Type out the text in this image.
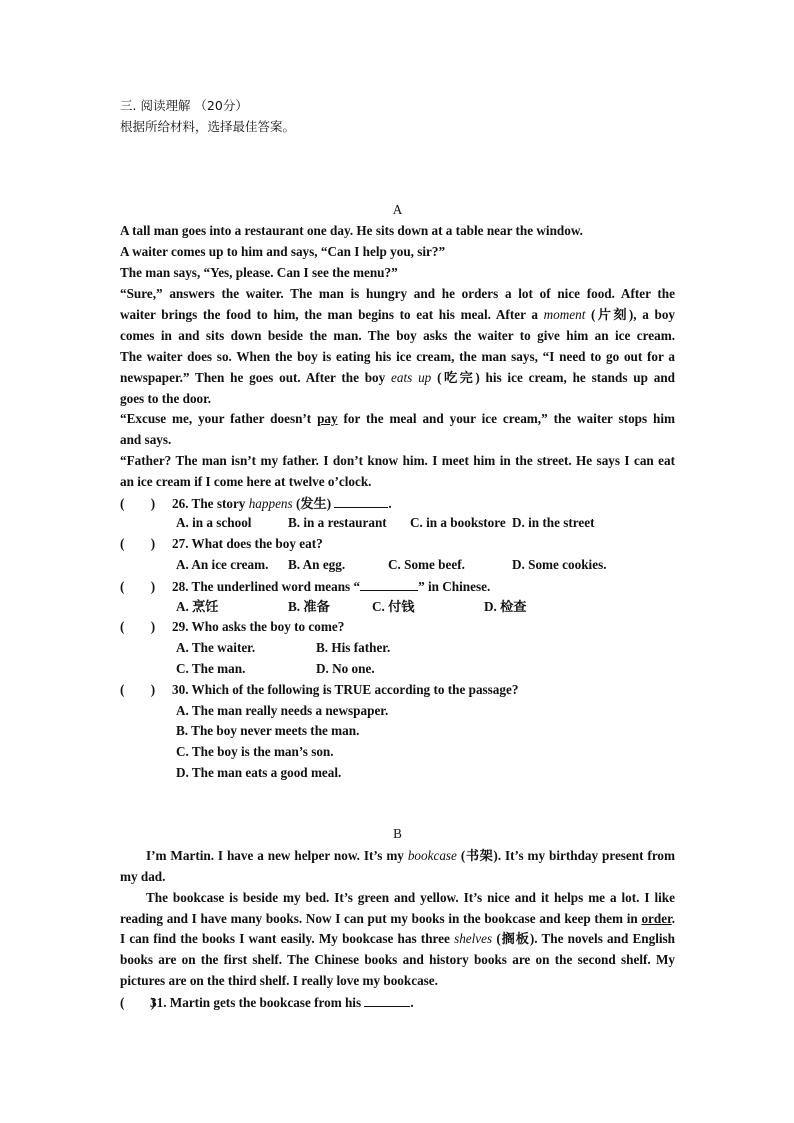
三. 阅读理解 （20分）
根据所给材料，选择最佳答案。
A
A tall man goes into a restaurant one day. He sits down at a table near the window.
A waiter comes up to him and says, “Can I help you, sir?”
The man says, “Yes, please. Can I see the menu?”
“Sure,” answers the waiter. The man is hungry and he orders a lot of nice food. After the
waiter brings the food to him, the man begins to eat his meal. After a moment (片刻), a boy
comes in and sits down beside the man. The boy asks the waiter to give him an ice cream.
The waiter does so. When the boy is eating his ice cream, the man says, “I need to go out for a
newspaper.” Then he goes out. After the boy eats up (吃完) his ice cream, he stands up and
goes to the door.
“Excuse me, your father doesn’t pay for the meal and your ice cream,” the waiter stops him
and says.
“Father? The man isn’t my father. I don’t know him. I meet him in the street. He says I can eat
an ice cream if I come here at twelve o’clock.
(　　) 26. The story happens (发生)	.
A. in a school	B. in a restaurant C. in a bookstore D. in the street
(　　) 27. What does the boy eat?
A. An ice cream. B. An egg.	C. Some beef.	D. Some cookies.
(　　) 28. The underlined word means “	” in Chinese.
A. 烹饪	B. 准备	C. 付钱	D. 检查
(　　) 29. Who asks the boy to come?
A. The waiter.	B. His father.
C. The man.	D. No one.
(　　) 30. Which of the following is TRUE according to the passage?
A. The man really needs a newspaper.
B. The boy never meets the man.
C. The boy is the man’s son.
D. The man eats a good meal.
B
I’m Martin. I have a new helper now. It’s my bookcase (书架). It’s my birthday present from
my dad.
The bookcase is beside my bed. It’s green and yellow. It’s nice and it helps me a lot. I like
reading and I have many books. Now I can put my books in the bookcase and keep them in order.
I can find the books I want easily. My bookcase has three shelves (搁板). The novels and English
books are on the first shelf. The Chinese books and history books are on the second shelf. My
pictures are on the third shelf. I really love my bookcase.
(　　)31. Martin gets the bookcase from his	.
